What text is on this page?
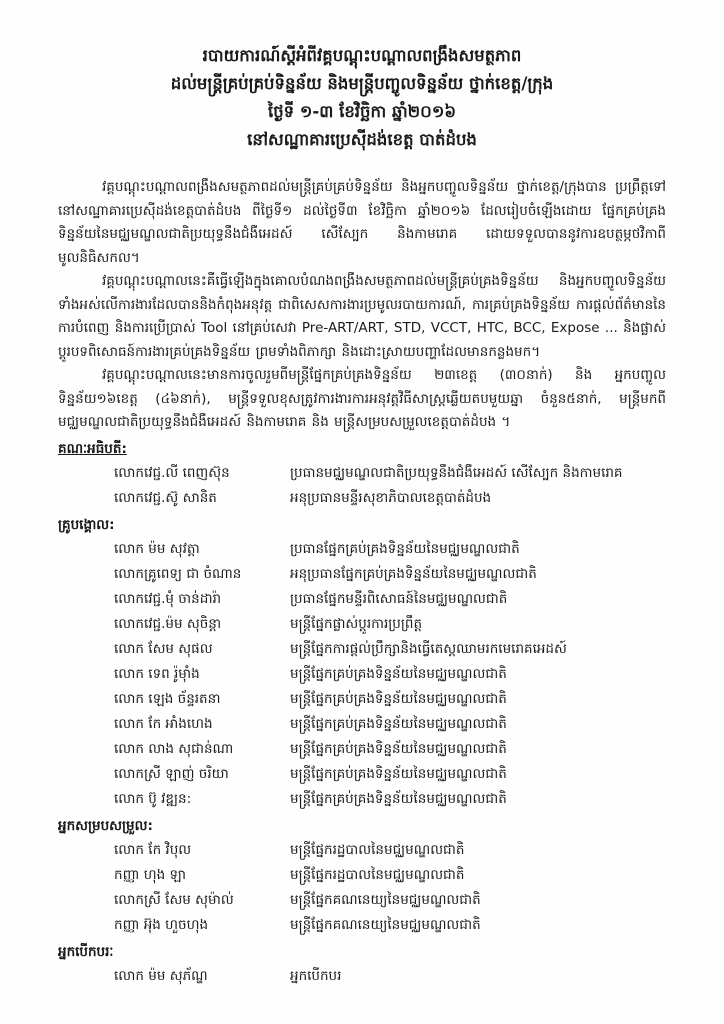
របាយការណ៍ស្តីអំពីវគ្គបណ្តុះបណ្តាលពង្រឹងសមត្ថភាព
ដល់មន្ត្រីគ្រប់គ្រប់ទិន្នន័យ និងមន្ត្រីបញ្ចូលទិន្នន័យ ថ្នាក់ខេត្ត/ក្រុង
ថ្ងៃទី ១-៣ ខែវិច្ឆិកា ឆ្នាំ២០១៦
នៅសណ្ឋាគារប្រេស៊ីដង់ខេត្ត បាត់ដំបង

វគ្គបណ្តុះបណ្តាលពង្រឹងសមត្ថភាពដល់មន្ត្រីគ្រប់គ្រប់ទិន្នន័យ និងអ្នកបញ្ចូលទិន្នន័យ ថ្នាក់ខេត្ត/ក្រុងបាន ប្រព្រឹត្តទៅនៅសណ្ឋាគារប្រេស៊ីដង់ខេត្តបាត់ដំបង ពីថ្ងៃទី១ ដល់ថ្ងៃទី៣ ខែវិច្ឆិកា ឆ្នាំ២០១៦ ដែលរៀបចំឡើងដោយ ផ្នែកគ្រប់គ្រងទិន្នន័យនៃមជ្ឈមណ្ឌលជាតិប្រយុទ្ធនឹងជំងឺអេដស៍ សើស្បែក និងកាមរោគ ដោយទទួលបាននូវការឧបត្ថម្ភថវិកាពីមូលនិធិសកល។

វគ្គបណ្តុះបណ្តាលនេះគឺធ្វើឡើងក្នុងគោលបំណងពង្រឹងសមត្ថភាពដល់មន្ត្រីគ្រប់គ្រងទិន្នន័យ និងអ្នកបញ្ចូលទិន្នន័យទាំងអស់លើការងារដែលបាននិងកំពុងអនុវត្ត ជាពិសេសការងារប្រមូលរបាយការណ៍, ការគ្រប់គ្រងទិន្នន័យ ការផ្តល់ព័ត៌មាននៃការបំពេញ និងការប្រើប្រាស់ Tool នៅគ្រប់សេវា Pre-ART/ART, STD, VCCT, HTC, BCC, Expose ... និងផ្លាស់ប្តូរបទពិសោធន៍ការងារគ្រប់គ្រងទិន្នន័យ ព្រមទាំងពិភាក្សា និងដោះស្រាយបញ្ហាដែលមានកន្លងមក។

វគ្គបណ្តុះបណ្តាលនេះមានការចូលរួមពីមន្ត្រីផ្នែកគ្រប់គ្រងទិន្នន័យ ២៣ខេត្ត (៣០នាក់) និង អ្នកបញ្ចូលទិន្នន័យ១៦ខេត្ត (៤៦នាក់), មន្ត្រីទទួលខុសត្រូវការងារការអនុវត្តវិធីសាស្ត្រឆ្លើយតបមួយឆ្នា ចំនួន៥នាក់, មន្ត្រីមកពីមជ្ឈមណ្ឌលជាតិប្រយុទ្ធនឹងជំងឺអេដស៍ និងកាមរោគ និង មន្ត្រីសម្របសម្រួលខេត្តបាត់ដំបង ។

គណៈអធិបតី:
លោកវេជ្ជ.លី ពេញស៊ុន	ប្រធានមជ្ឈមណ្ឌលជាតិប្រយុទ្ធនឹងជំងឺអេដស៍ សើស្បែក និងកាមរោគ
លោកវេជ្ជ.ស៊ូ សានិត	អនុប្រធានមន្ទីរសុខាភិបាលខេត្តបាត់ដំបង
គ្រូបង្គោល:
លោក ម៉ម សុវត្តា	ប្រធានផ្នែកគ្រប់គ្រងទិន្នន័យនៃមជ្ឈមណ្ឌលជាតិ
លោកគ្រូពេទ្យ ជា ចំណាន	អនុប្រធានផ្នែកគ្រប់គ្រងទិន្នន័យនៃមជ្ឈមណ្ឌលជាតិ
លោកវេជ្ជ.មុំ ចាន់ដារ៉ា	ប្រធានផ្នែកមន្ទីរពិសោធន៍នៃមជ្ឈមណ្ឌលជាតិ
លោកវេជ្ជ.ម៉ម សុចិន្តា	មន្ត្រីផ្នែកផ្លាស់ប្តូរការប្រព្រឹត្ត
លោក សែម សុផល	មន្ត្រីផ្នែកការផ្តល់ប្រឹក្សានិងធ្វើតេស្តឈាមរកមេរោគអេដស៍
លោក ទេព រ៉ូម៉ាំង	មន្ត្រីផ្នែកគ្រប់គ្រងទិន្នន័យនៃមជ្ឈមណ្ឌលជាតិ
លោក ឡេង ច័ន្ទរតនា	មន្ត្រីផ្នែកគ្រប់គ្រងទិន្នន័យនៃមជ្ឈមណ្ឌលជាតិ
លោក កែ អាំងហេង	មន្ត្រីផ្នែកគ្រប់គ្រងទិន្នន័យនៃមជ្ឈមណ្ឌលជាតិ
លោក លាង សុជាន់ណា	មន្ត្រីផ្នែកគ្រប់គ្រងទិន្នន័យនៃមជ្ឈមណ្ឌលជាតិ
លោកស្រី ឡាញ់ ចរិយា	មន្ត្រីផ្នែកគ្រប់គ្រងទិន្នន័យនៃមជ្ឈមណ្ឌលជាតិ
លោក ប៊ូ វឌ្ឍន:	មន្ត្រីផ្នែកគ្រប់គ្រងទិន្នន័យនៃមជ្ឈមណ្ឌលជាតិ
អ្នកសម្របសម្រួល:
លោក កែ វិបុល	មន្ត្រីផ្នែករដ្ឋបាលនៃមជ្ឈមណ្ឌលជាតិ
កញ្ញា ហុង ឡា	មន្ត្រីផ្នែករដ្ឋបាលនៃមជ្ឈមណ្ឌលជាតិ
លោកស្រី សែម សុម៉ាល់	មន្ត្រីផ្នែកគណនេយ្យនៃមជ្ឈមណ្ឌលជាតិ
កញ្ញា អ៊ុង ហួចហុង	មន្ត្រីផ្នែកគណនេយ្យនៃមជ្ឈមណ្ឌលជាតិ
អ្នកបើកបរៈ
លោក ម៉ម សុភ័ណ្ឌ	អ្នកបើកបរ
